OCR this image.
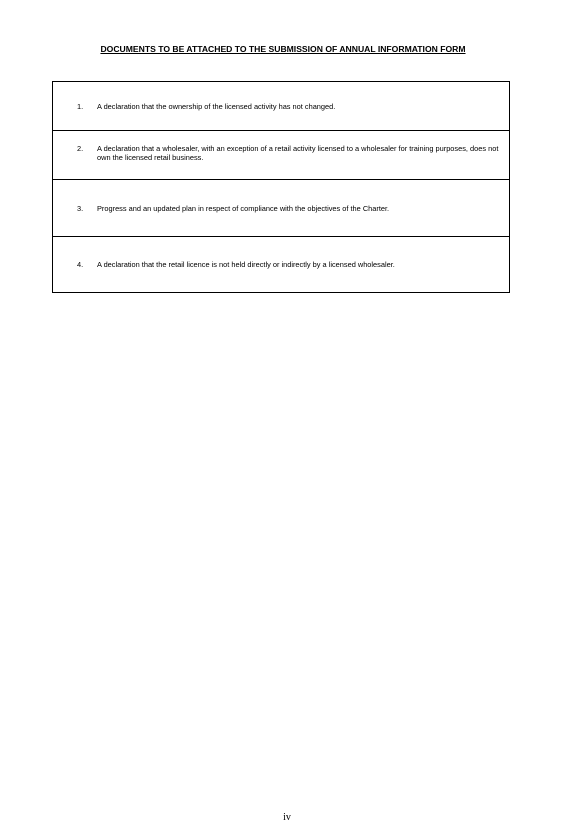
DOCUMENTS TO BE ATTACHED TO THE SUBMISSION OF ANNUAL INFORMATION FORM
1.	A declaration that the ownership of the licensed activity has not changed.
2.	A declaration that a wholesaler, with an exception of a retail activity licensed to a wholesaler for training purposes, does not own the licensed retail business.
3.	Progress and an updated plan in respect of compliance with the objectives of the Charter.
4.	A declaration that the retail licence is not held directly or indirectly by a licensed wholesaler.
iv
